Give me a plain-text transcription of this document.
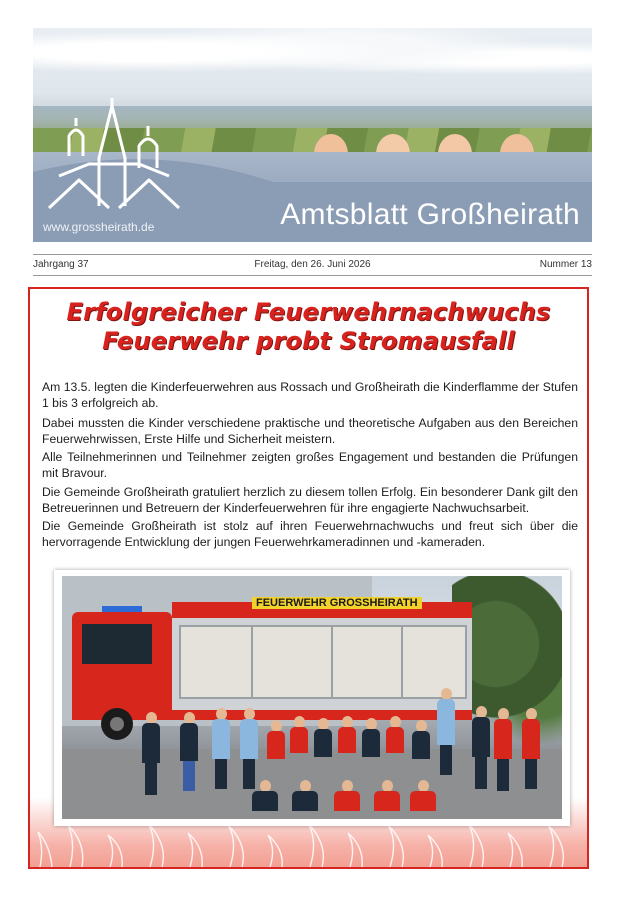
www.grossheirath.de	Amtsblatt Großheirath
Jahrgang 37	Freitag, den 26. Juni 2026	Nummer 13
Erfolgreicher Feuerwehrnachwuchs
Feuerwehr probt Stromausfall
Am 13.5. legten die Kinderfeuerwehren aus Rossach und Großheirath die Kinderflamme der Stufen 1 bis 3 erfolgreich ab.
Dabei mussten die Kinder verschiedene praktische und theoretische Aufgaben aus den Bereichen Feuerwehrwissen, Erste Hilfe und Sicherheit meistern.
Alle Teilnehmerinnen und Teilnehmer zeigten großes Engagement und bestanden die Prüfungen mit Bravour.
Die Gemeinde Großheirath gratuliert herzlich zu diesem tollen Erfolg. Ein besonderer Dank gilt den Betreuerinnen und Betreuern der Kinderfeuerwehren für ihre engagierte Nachwuchsarbeit.
Die Gemeinde Großheirath ist stolz auf ihren Feuerwehrnachwuchs und freut sich über die hervorragende Entwicklung der jungen Feuerwehrkameradinnen und -kameraden.
FEUERWEHR GROSSHEIRATH
